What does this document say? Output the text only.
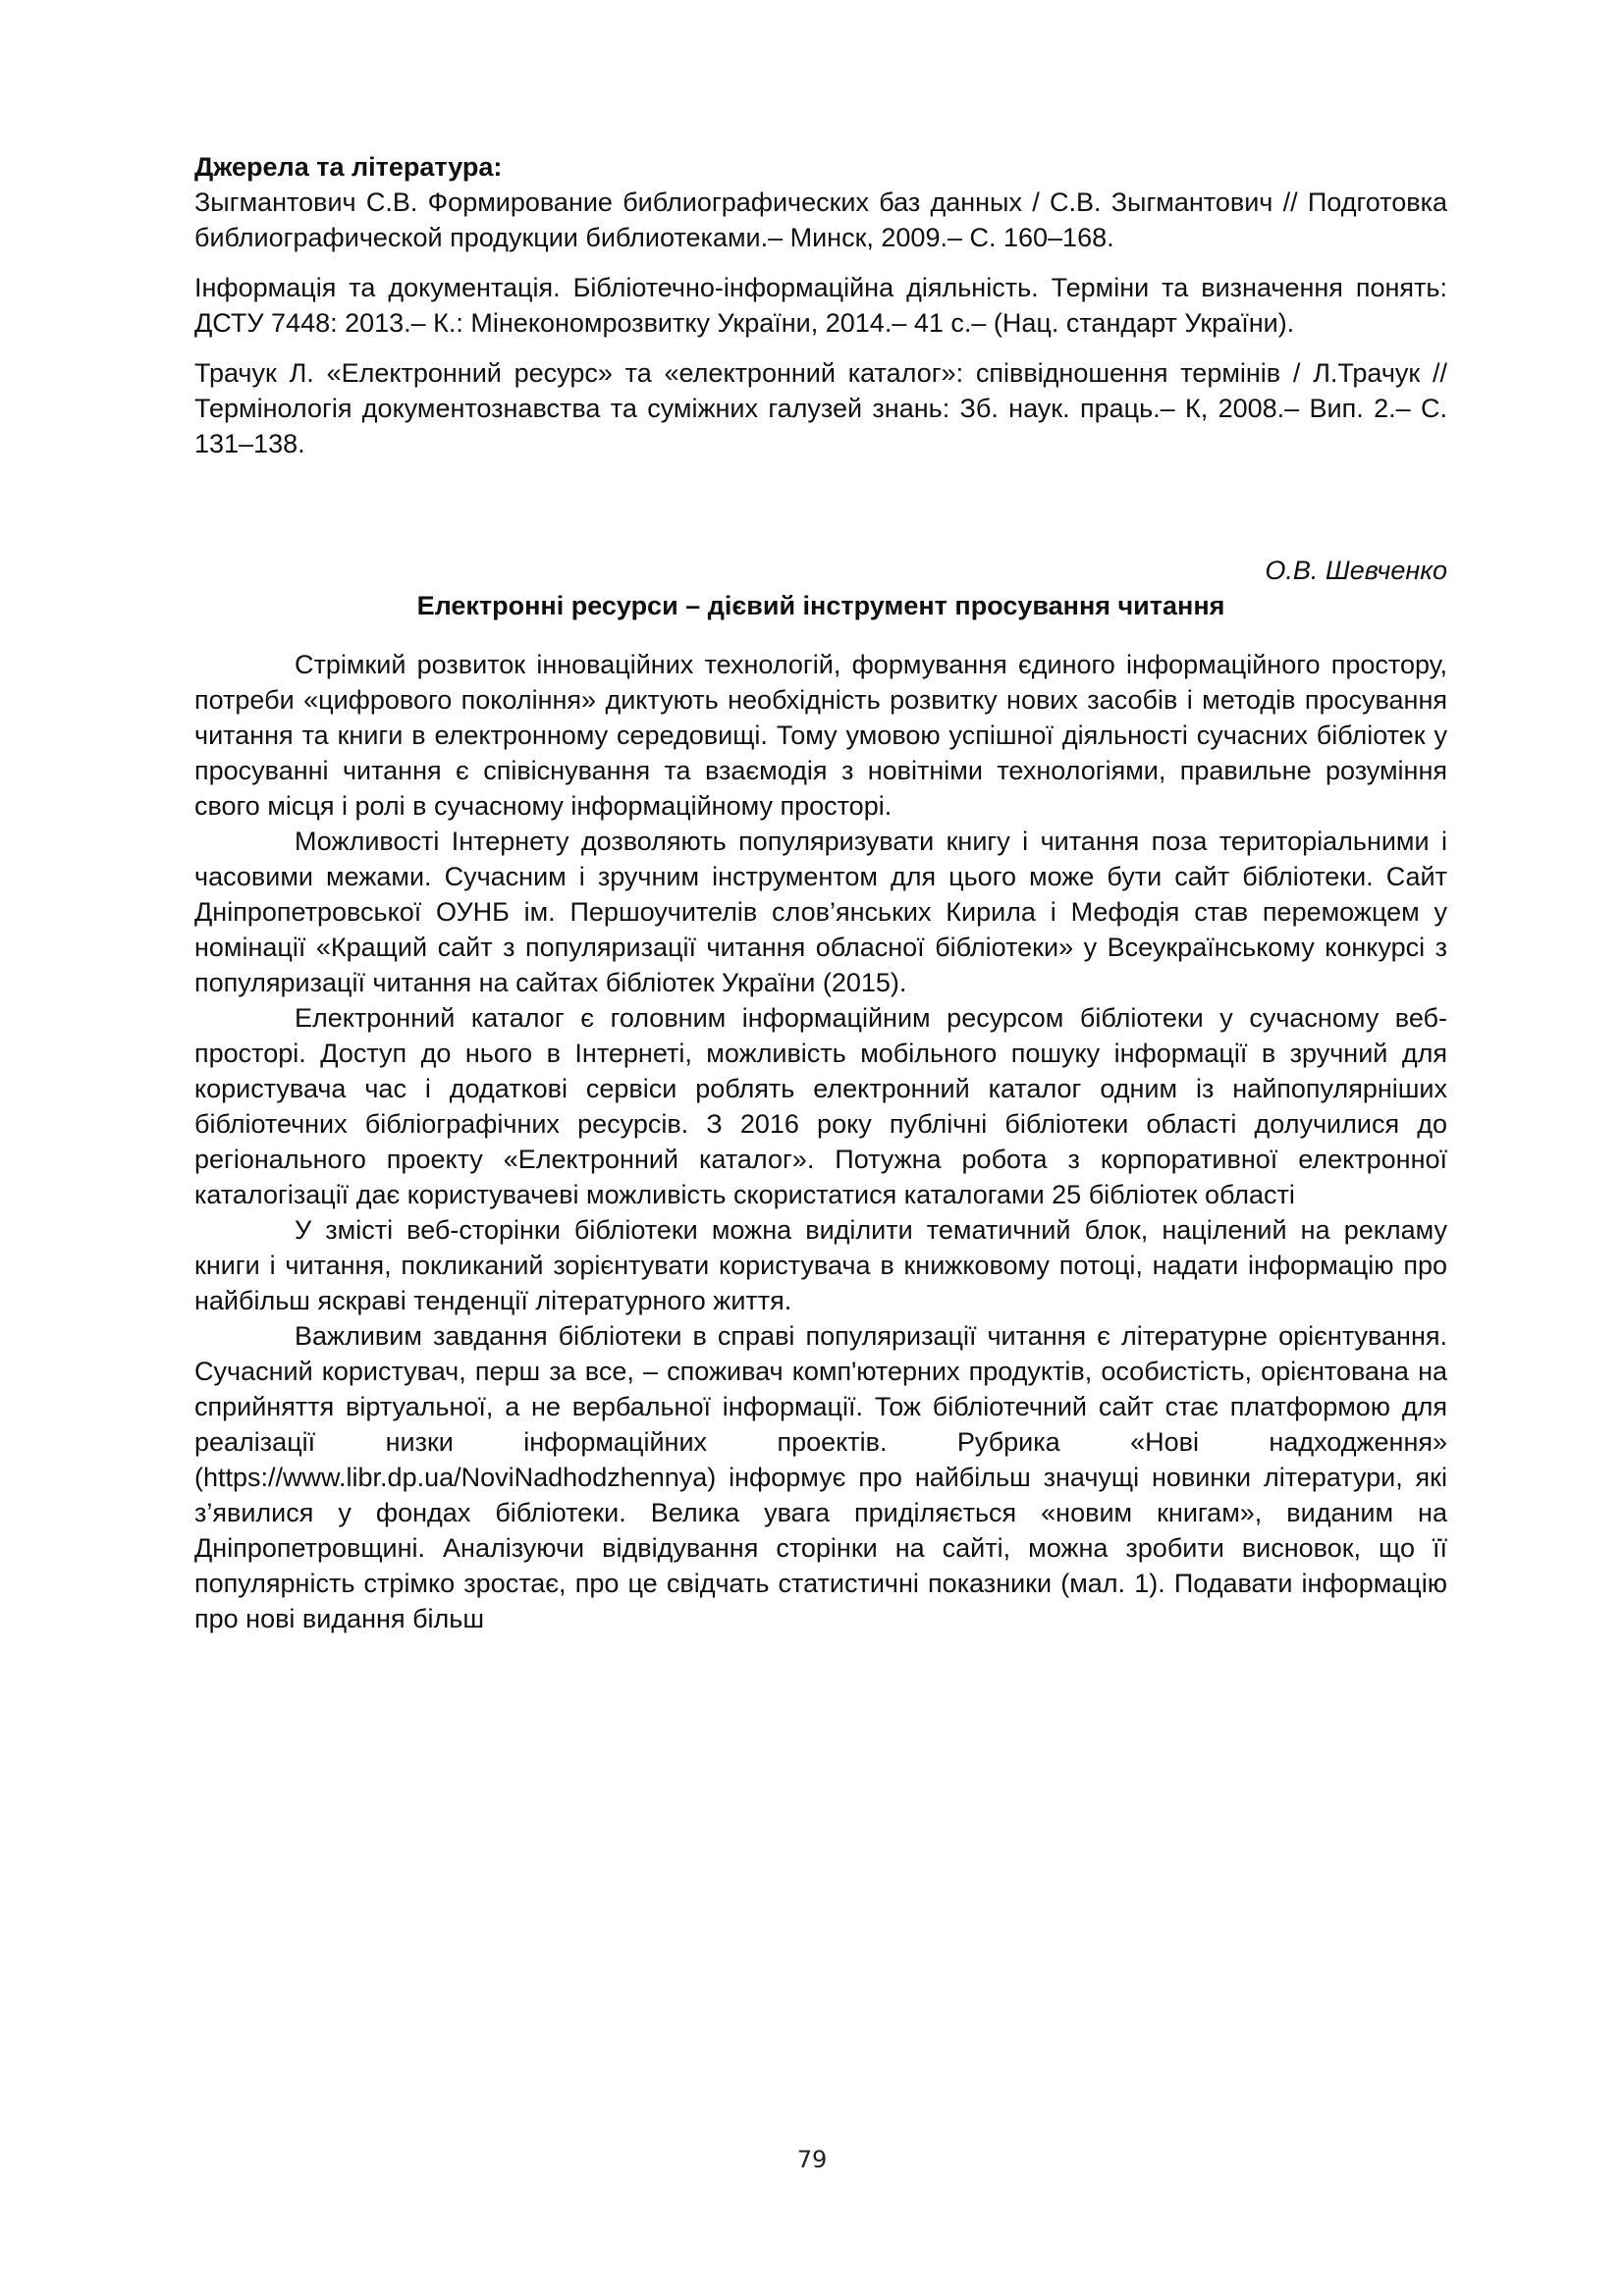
Джерела та література:

Зыгмантович С.В. Формирование библиографических баз данных / С.В. Зыгмантович // Подготовка библиографической продукции библиотеками.– Минск, 2009.– С. 160–168.

Інформація та документація. Бібліотечно-інформаційна діяльність. Терміни та визначення понять: ДСТУ 7448: 2013.– К.: Мінекономрозвитку України, 2014.– 41 с.– (Нац. стандарт України).

Трачук Л. «Електронний ресурс» та «електронний каталог»: співвідношення термінів / Л.Трачук // Термінологія документознавства та суміжних галузей знань: Зб. наук. праць.– К, 2008.– Вип. 2.– С. 131–138.

О.В. Шевченко
Електронні ресурси – дієвий інструмент просування читання

Стрімкий розвиток інноваційних технологій, формування єдиного інформаційного простору, потреби «цифрового покоління» диктують необхідність розвитку нових засобів і методів просування читання та книги в електронному середовищі. Тому умовою успішної діяльності сучасних бібліотек у просуванні читання є співіснування та взаємодія з новітніми технологіями, правильне розуміння свого місця і ролі в сучасному інформаційному просторі.

Можливості Інтернету дозволяють популяризувати книгу і читання поза територіальними і часовими межами. Сучасним і зручним інструментом для цього може бути сайт бібліотеки. Сайт Дніпропетровської ОУНБ ім. Першоучителів слов’янських Кирила і Мефодія став переможцем у номінації «Кращий сайт з популяризації читання обласної бібліотеки» у Всеукраїнському конкурсі з популяризації читання на сайтах бібліотек України (2015).

Електронний каталог є головним інформаційним ресурсом бібліотеки у сучасному веб-просторі. Доступ до нього в Інтернеті, можливість мобільного пошуку інформації в зручний для користувача час і додаткові сервіси роблять електронний каталог одним із найпопулярніших бібліотечних бібліографічних ресурсів. З 2016 року публічні бібліотеки області долучилися до регіонального проекту «Електронний каталог». Потужна робота з корпоративної електронної каталогізації дає користувачеві можливість скористатися каталогами 25 бібліотек області

У змісті веб-сторінки бібліотеки можна виділити тематичний блок, націлений на рекламу книги і читання, покликаний зорієнтувати користувача в книжковому потоці, надати інформацію про найбільш яскраві тенденції літературного життя.

Важливим завдання бібліотеки в справі популяризації читання є літературне орієнтування. Сучасний користувач, перш за все, – споживач комп'ютерних продуктів, особистість, орієнтована на сприйняття віртуальної, а не вербальної інформації. Тож бібліотечний сайт стає платформою для реалізації низки інформаційних проектів. Рубрика «Нові надходження» (https://www.libr.dp.ua/NoviNadhodzhennya) інформує про найбільш значущі новинки літератури, які з’явилися у фондах бібліотеки. Велика увага приділяється «новим книгам», виданим на Дніпропетровщині. Аналізуючи відвідування сторінки на сайті, можна зробити висновок, що її популярність стрімко зростає, про це свідчать статистичні показники (мал. 1). Подавати інформацію про нові видання більш

79
